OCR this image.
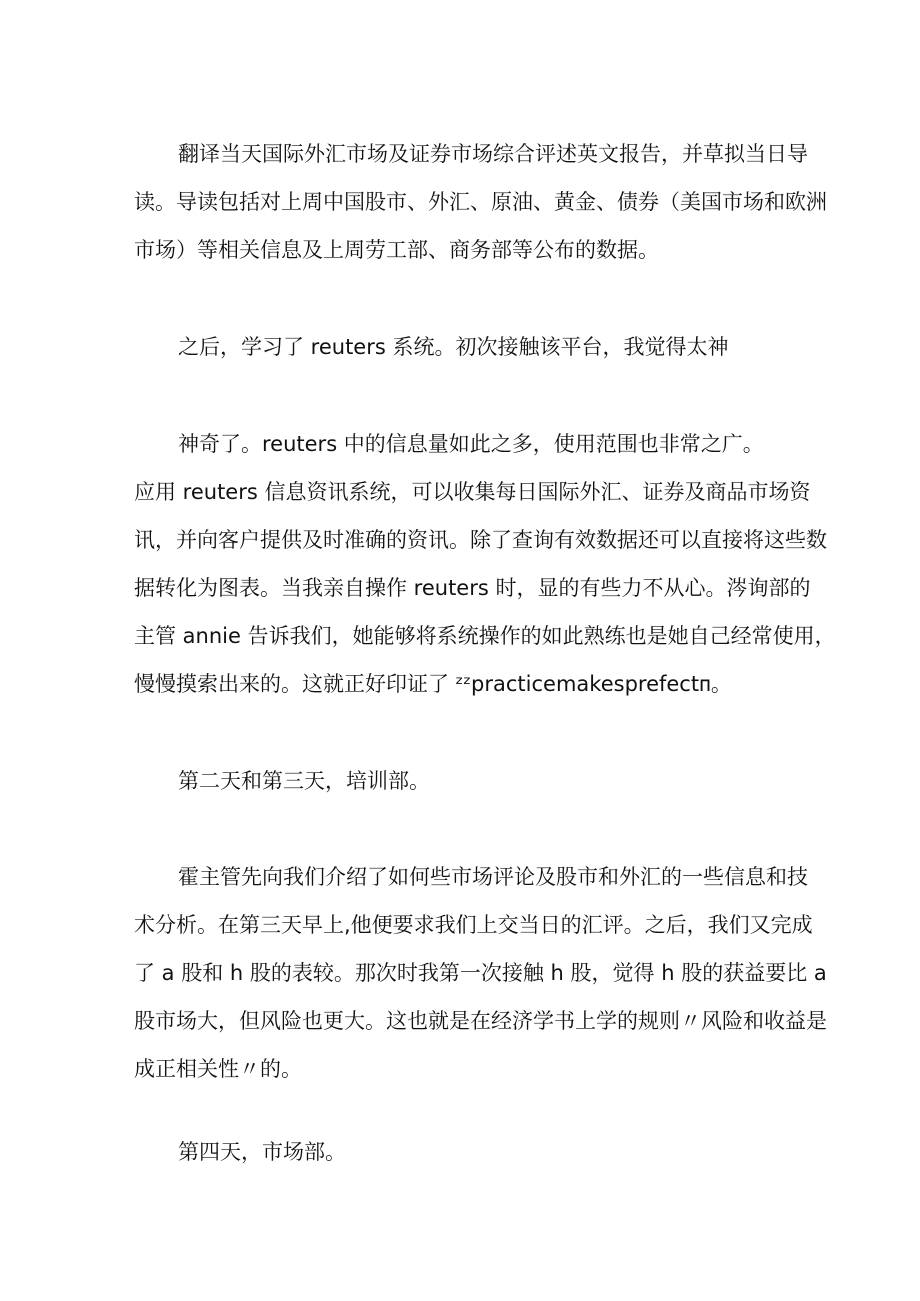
翻译当天国际外汇市场及证券市场综合评述英文报告，并草拟当日导
读。导读包括对上周中国股市、外汇、原油、黄金、债券（美国市场和欧洲
市场）等相关信息及上周劳工部、商务部等公布的数据。
之后，学习了 reuters 系统。初次接触该平台，我觉得太神
神奇了。reuters 中的信息量如此之多，使用范围也非常之广。
应用 reuters 信息资讯系统，可以收集每日国际外汇、证券及商品市场资
讯，并向客户提供及时准确的资讯。除了查询有效数据还可以直接将这些数
据转化为图表。当我亲自操作 reuters 时，显的有些力不从心。涔询部的
主管 annie 告诉我们，她能够将系统操作的如此熟练也是她自己经常使用，
慢慢摸索出来的。这就正好印证了 ᶻᶻpracticemakesprefectᴨ。
第二天和第三天，培训部。
霍主管先向我们介绍了如何些市场评论及股市和外汇的一些信息和技
术分析。在第三天早上,他便要求我们上交当日的汇评。之后，我们又完成
了 a 股和 h 股的表较。那次时我第一次接触 h 股，觉得 h 股的获益要比 a
股市场大，但风险也更大。这也就是在经济学书上学的规则〃风险和收益是
成正相关性〃的。
第四天，市场部。
